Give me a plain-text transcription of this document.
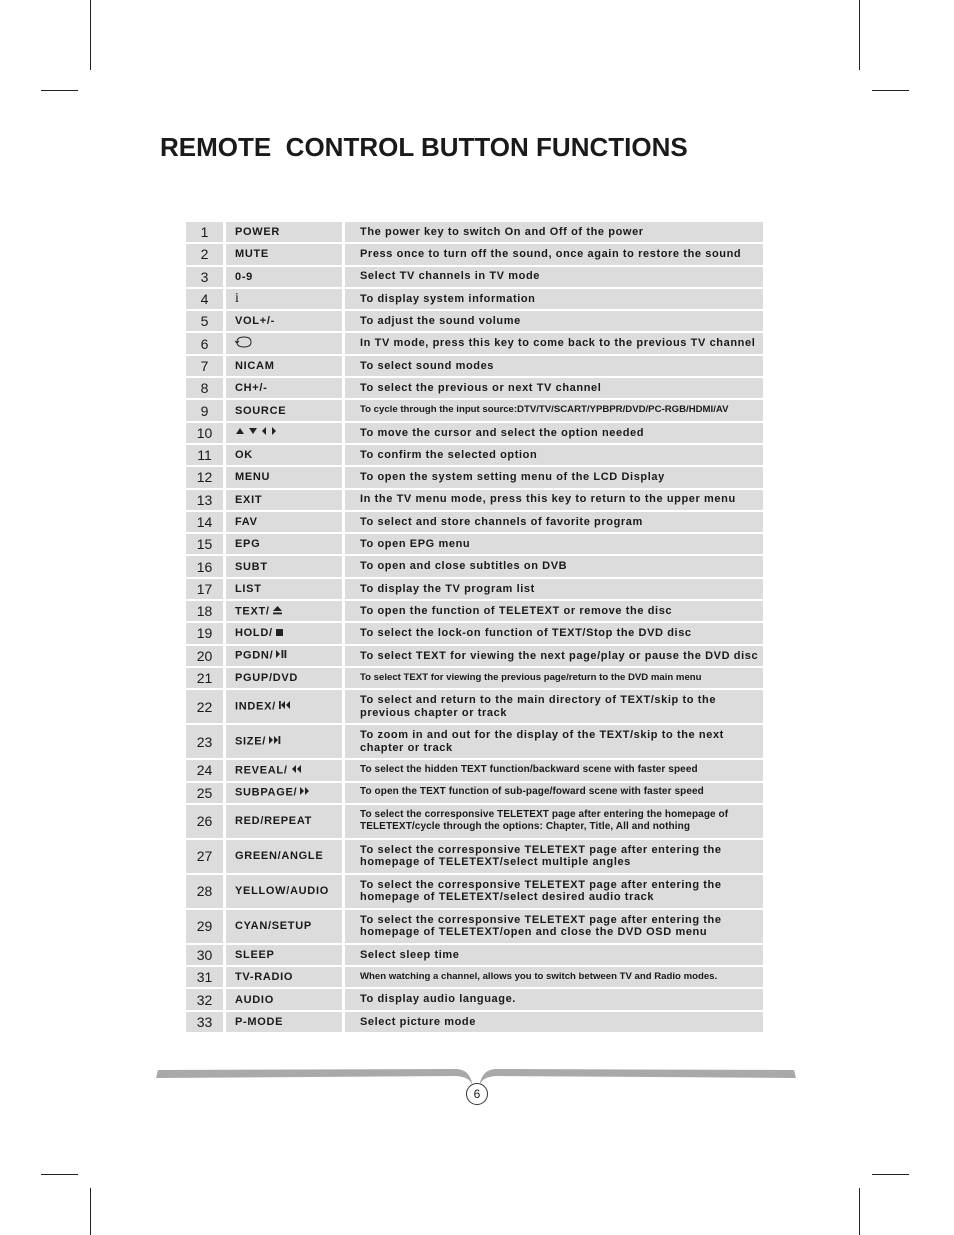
REMOTE  CONTROL BUTTON FUNCTIONS
1	POWER	The power key to switch On and Off of the power
2	MUTE	Press once to turn off the sound, once again to restore the sound
3	0-9	Select TV channels in TV mode
4	i	To display system information
5	VOL+/-	To adjust the sound volume
6		In TV mode, press this key to come back to the previous TV channel
7	NICAM	To select sound modes
8	CH+/-	To select the previous or next TV channel
9	SOURCE	To cycle through the input source:DTV/TV/SCART/YPBPR/DVD/PC-RGB/HDMI/AV
10		To move the cursor and select the option needed
11	OK	To confirm the selected option
12	MENU	To open the system setting menu of the LCD Display
13	EXIT	In the TV menu mode, press this key to return to the upper menu
14	FAV	To select and store channels of favorite program
15	EPG	To open EPG menu
16	SUBT	To open and close subtitles on DVB
17	LIST	To display the TV program list
18	TEXT/	To open the function of TELETEXT or remove the disc
19	HOLD/	To select the lock-on function of TEXT/Stop the DVD disc
20	PGDN/	To select TEXT for viewing the next page/play or pause the DVD disc
21	PGUP/DVD	To select TEXT for viewing the previous page/return to the DVD main menu
22	INDEX/	To select and return to the main directory of TEXT/skip to the previous chapter or track
23	SIZE/	To zoom in and out for the display of the TEXT/skip to the next chapter or track
24	REVEAL/	To select the hidden TEXT function/backward scene with faster speed
25	SUBPAGE/	To open the TEXT function of sub-page/foward scene with faster speed
26	RED/REPEAT	To select the corresponsive TELETEXT page after entering the homepage of TELETEXT/cycle through the options: Chapter, Title, All and nothing
27	GREEN/ANGLE	To select the corresponsive TELETEXT page after entering the homepage of TELETEXT/select multiple angles
28	YELLOW/AUDIO	To select the corresponsive TELETEXT page after entering the homepage of TELETEXT/select desired audio track
29	CYAN/SETUP	To select the corresponsive TELETEXT page after entering the homepage of TELETEXT/open and close the DVD OSD menu
30	SLEEP	Select sleep time
31	TV-RADIO	When watching a channel, allows you to switch between TV and Radio modes.
32	AUDIO	To display audio language.
33	P-MODE	Select picture mode
6
